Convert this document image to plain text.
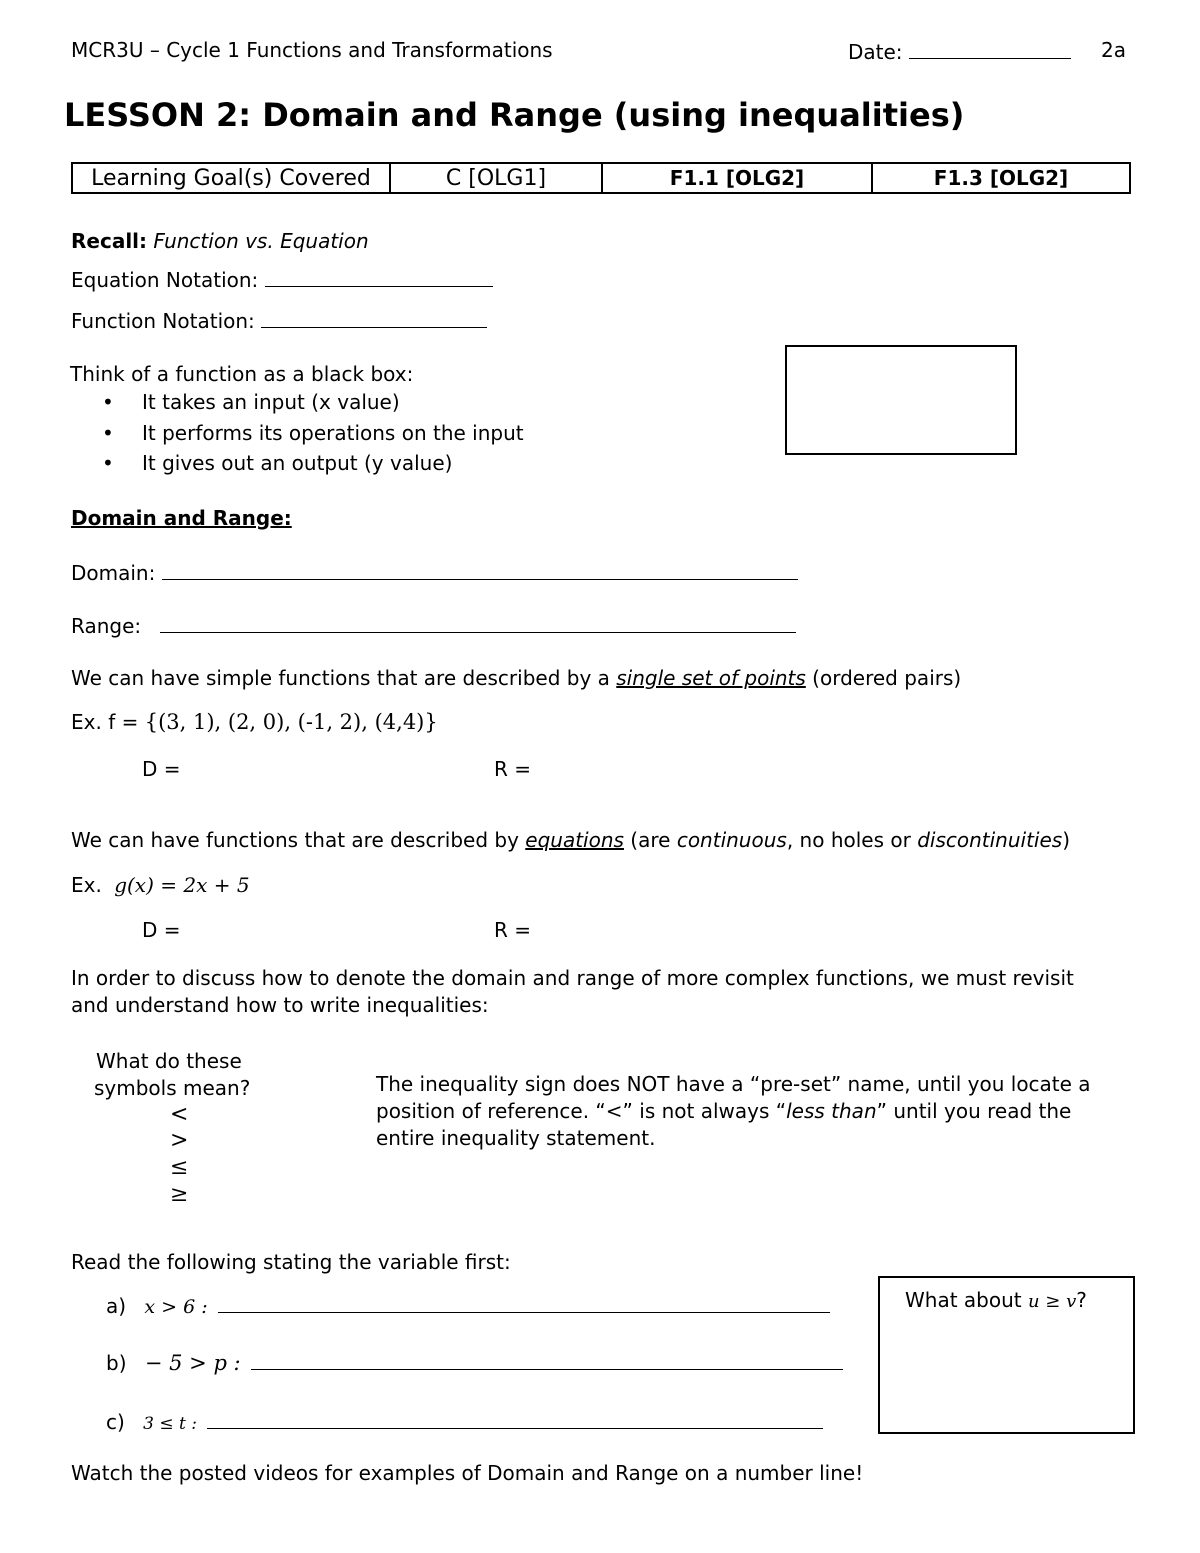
MCR3U – Cycle 1 Functions and Transformations	Date:	2a
LESSON 2: Domain and Range (using inequalities)
Learning Goal(s) Covered	C [OLG1]	F1.1 [OLG2]	F1.3 [OLG2]
Recall: Function vs. Equation
Equation Notation:
Function Notation:
Think of a function as a black box:
• It takes an input (x value)
• It performs its operations on the input
• It gives out an output (y value)
Domain and Range:
Domain:
Range:
We can have simple functions that are described by a single set of points (ordered pairs)
Ex. f = {(3, 1), (2, 0), (-1, 2), (4,4)}
D =	R =
We can have functions that are described by equations (are continuous, no holes or discontinuities)
Ex. g(x) = 2x + 5
D =	R =
In order to discuss how to denote the domain and range of more complex functions, we must revisit
and understand how to write inequalities:
What do these
symbols mean?
<
>
≤
≥
The inequality sign does NOT have a “pre-set” name, until you locate a
position of reference. “<” is not always “less than” until you read the
entire inequality statement.
Read the following stating the variable first:
a) x > 6 :
b) − 5 > p :
c) 3 ≤ t :
What about u ≥ v?
Watch the posted videos for examples of Domain and Range on a number line!
